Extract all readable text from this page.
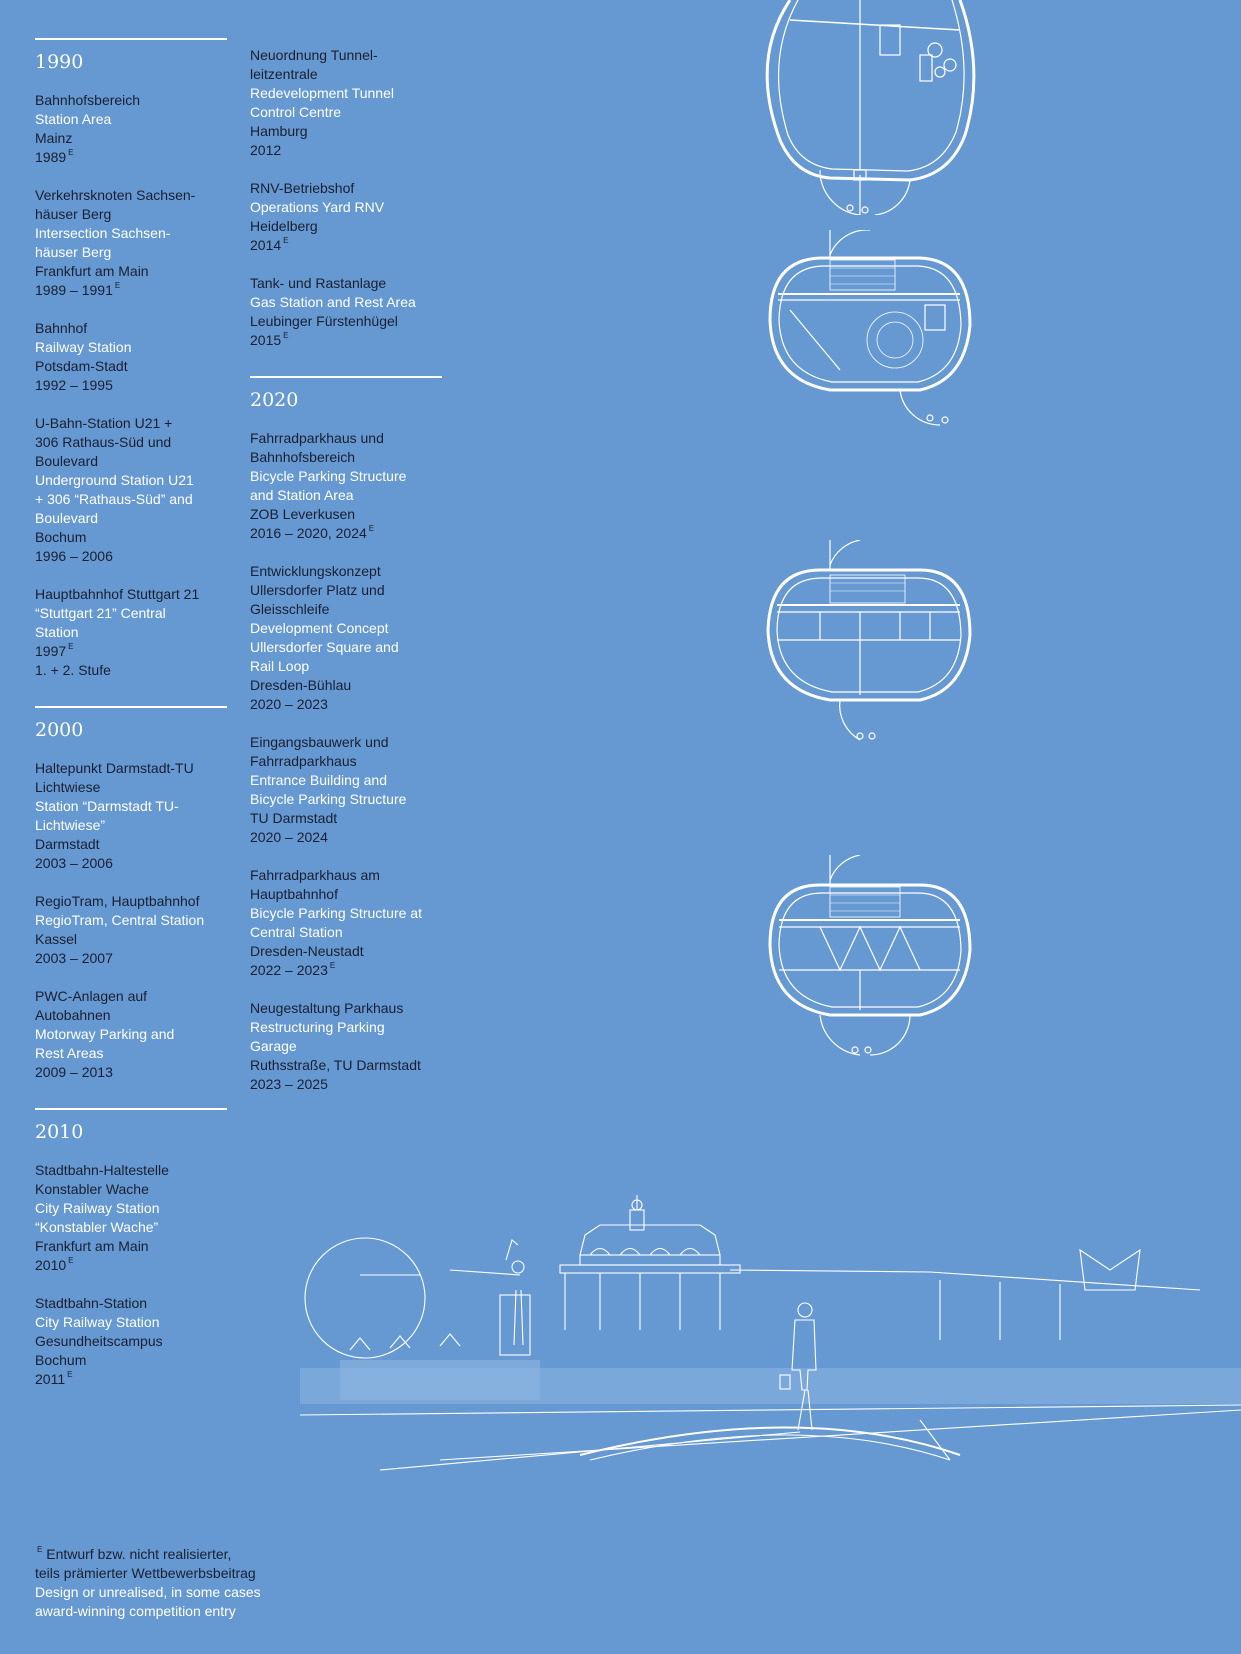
1990
Bahnhofsbereich
Station Area
Mainz
1989 $^E$
Verkehrsknoten Sachsen-
häuser Berg
Intersection Sachsen-
häuser Berg
Frankfurt am Main
1989 – 1991 $^E$
Bahnhof
Railway Station
Potsdam-Stadt
1992 – 1995
U-Bahn-Station U21 +
306 Rathaus-Süd und
Boulevard
Underground Station U21
+ 306 “Rathaus-Süd” and
Boulevard
Bochum
1996 – 2006
Hauptbahnhof Stuttgart 21
“Stuttgart 21” Central
Station
1997 $^E$
1. + 2. Stufe
2000
Haltepunkt Darmstadt-TU
Lichtwiese
Station “Darmstadt TU-
Lichtwiese”
Darmstadt
2003 – 2006
RegioTram, Hauptbahnhof
RegioTram, Central Station
Kassel
2003 – 2007
PWC-Anlagen auf
Autobahnen
Motorway Parking and
Rest Areas
2009 – 2013
2010
Stadtbahn-Haltestelle
Konstabler Wache
City Railway Station
“Konstabler Wache”
Frankfurt am Main
2010 $^E$
Stadtbahn-Station
City Railway Station
Gesundheitscampus
Bochum
2011 $^E$
Neuordnung Tunnel-
leitzentrale
Redevelopment Tunnel
Control Centre
Hamburg
2012
RNV-Betriebshof
Operations Yard RNV
Heidelberg
2014 $^E$
Tank- und Rastanlage
Gas Station and Rest Area
Leubinger Fürstenhügel
2015 $^E$
2020
Fahrradparkhaus und
Bahnhofsbereich
Bicycle Parking Structure
and Station Area
ZOB Leverkusen
2016 – 2020, 2024 $^E$
Entwicklungskonzept
Ullersdorfer Platz und
Gleisschleife
Development Concept
Ullersdorfer Square and
Rail Loop
Dresden-Bühlau
2020 – 2023
Eingangsbauwerk und
Fahrradparkhaus
Entrance Building and
Bicycle Parking Structure
TU Darmstadt
2020 – 2024
Fahrradparkhaus am
Hauptbahnhof
Bicycle Parking Structure at
Central Station
Dresden-Neustadt
2022 – 2023 $^E$
Neugestaltung Parkhaus
Restructuring Parking
Garage
Ruthsstraße, TU Darmstadt
2023 – 2025
$^E$ Entwurf bzw. nicht realisierter,
teils prämierter Wettbewerbsbeitrag
Design or unrealised, in some cases
award-winning competition entry
